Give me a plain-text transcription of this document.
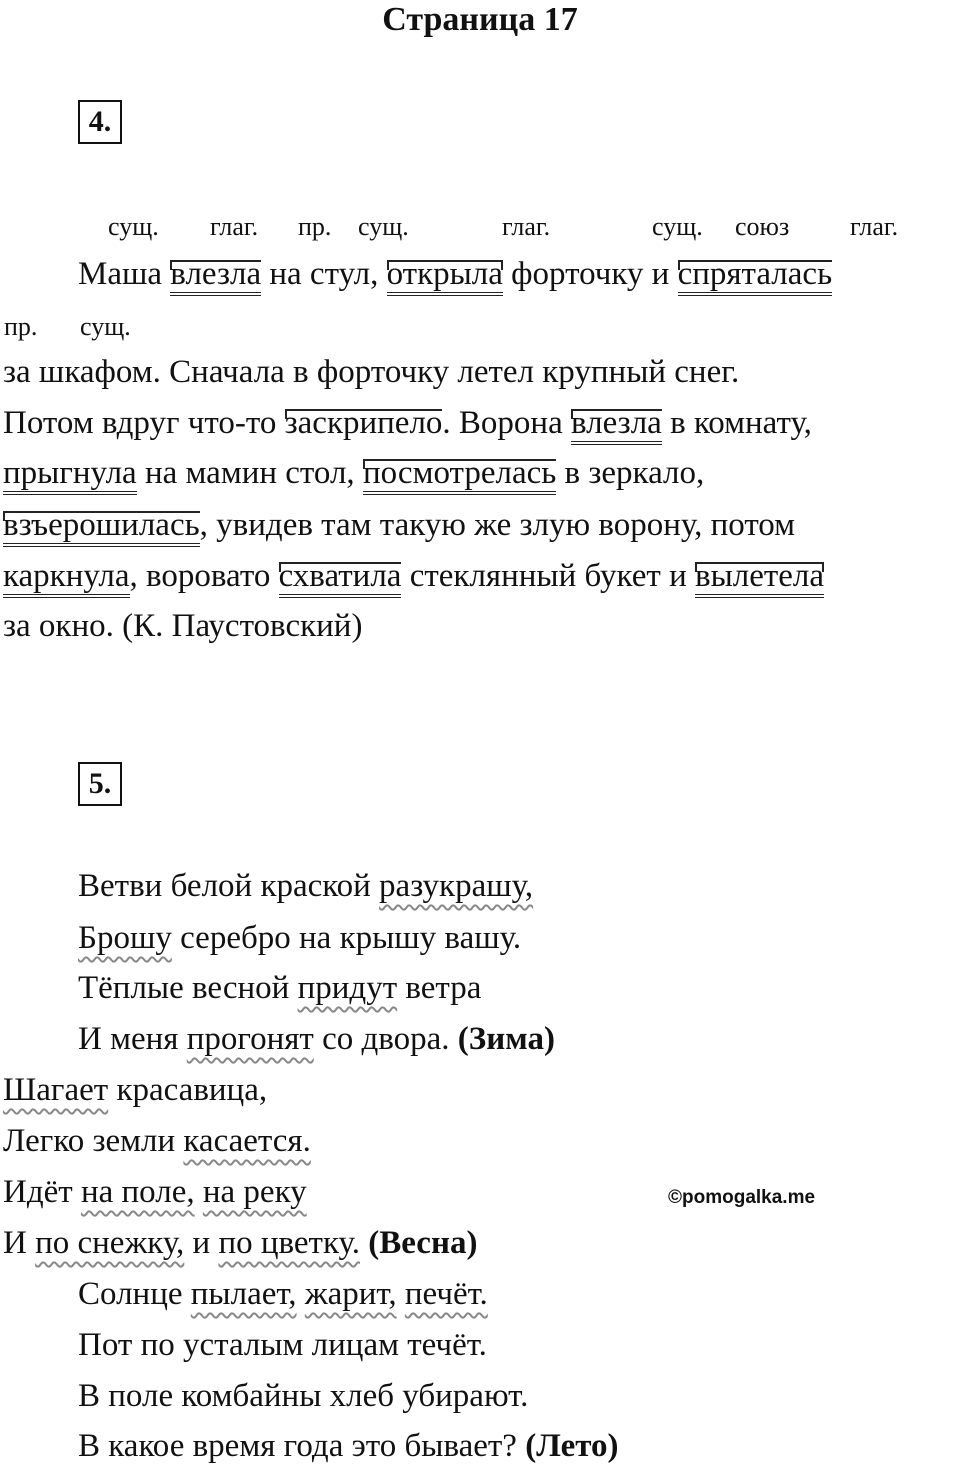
Страница 17
4.
сущ. глаг. пр. сущ.	глаг.	сущ. союз глаг.
Маша влезла на стул, открыла форточку и спряталась
пр. сущ.
за шкафом. Сначала в форточку летел крупный снег.
Потом вдруг что-то заскрипело. Ворона влезла в комнату,
прыгнула на мамин стол, посмотрелась в зеркало,
взъерошилась, увидев там такую же злую ворону, потом
каркнула, воровато схватила стеклянный букет и вылетела
за окно. (К. Паустовский)
5.
Ветви белой краской разукрашу,
Брошу серебро на крышу вашу.
Тёплые весной придут ветра
И меня прогонят со двора. (Зима)
Шагает красавица,
Легко земли касается.
Идёт на поле, на реку	©pomogalka.me
И по снежку, и по цветку. (Весна)
Солнце пылает, жарит, печёт.
Пот по усталым лицам течёт.
В поле комбайны хлеб убирают.
В какое время года это бывает? (Лето)
